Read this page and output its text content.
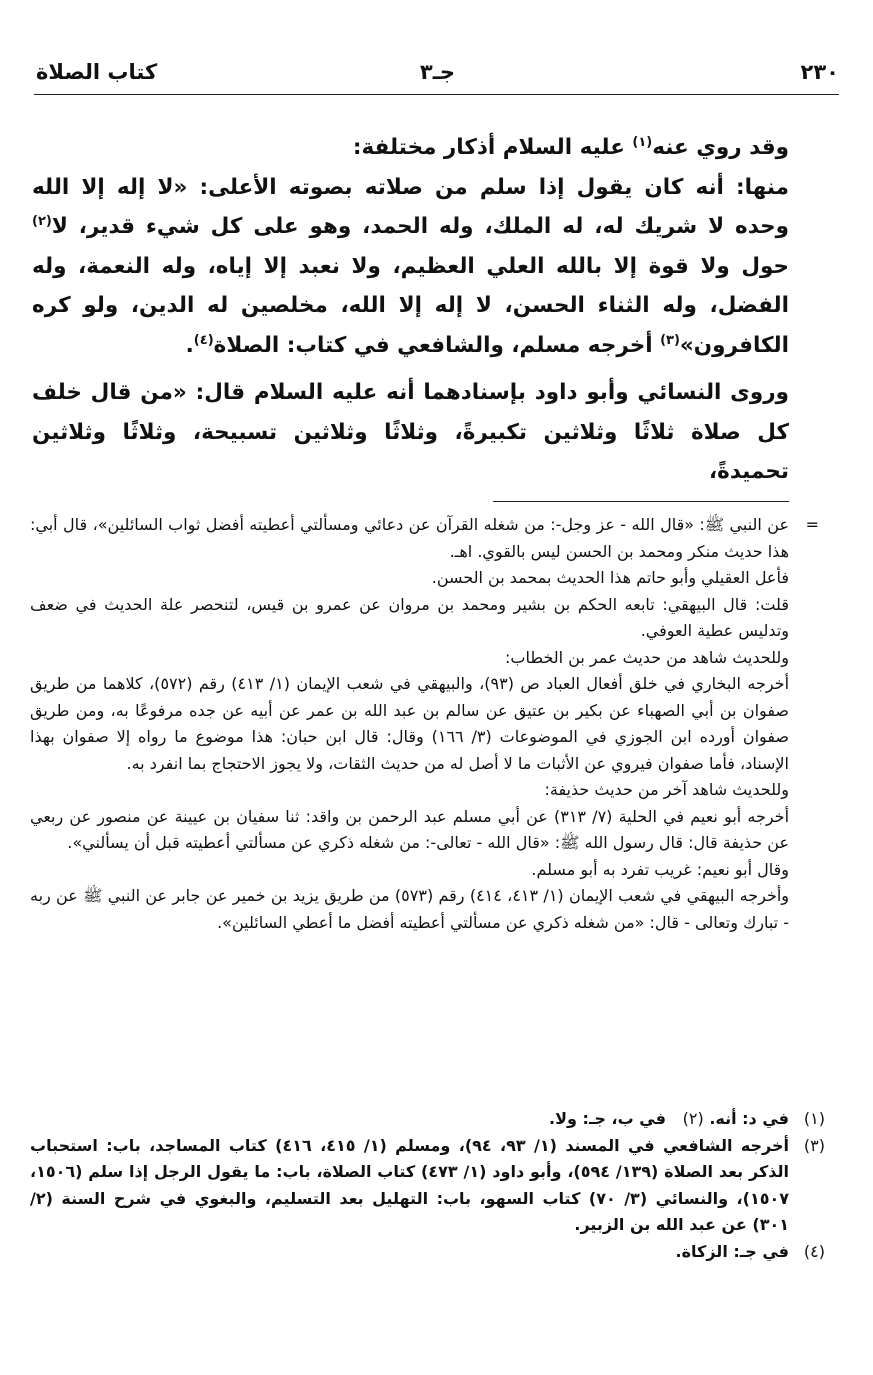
٢٣٠
جـ٣
كتاب الصلاة

وقد روي عنه$^{(١)}$ عليه السلام أذكار مختلفة:

منها: أنه كان يقول إذا سلم من صلاته بصوته الأعلى: «لا إله إلا الله وحده لا شريك له، له الملك، وله الحمد، وهو على كل شيء قدير، لا$^{(٢)}$ حول ولا قوة إلا بالله العلي العظيم، ولا نعبد إلا إياه، وله النعمة، وله الفضل، وله الثناء الحسن، لا إله إلا الله، مخلصين له الدين، ولو كره الكافرون»$^{(٣)}$ أخرجه مسلم، والشافعي في كتاب: الصلاة$^{(٤)}$.

وروى النسائي وأبو داود بإسنادهما أنه عليه السلام قال: «من قال خلف كل صلاة ثلاثًا وثلاثين تكبيرةً، وثلاثًا وثلاثين تسبيحة، وثلاثًا وثلاثين تحميدةً،

=

عن النبي ﷺ: «قال الله - عز وجل-: من شغله القرآن عن دعائي ومسألتي أعطيته أفضل ثواب السائلين»، قال أبي: هذا حديث منكر ومحمد بن الحسن ليس بالقوي. اهـ.

فأعل العقيلي وأبو حاتم هذا الحديث بمحمد بن الحسن.

قلت: قال البيهقي: تابعه الحكم بن بشير ومحمد بن مروان عن عمرو بن قيس، لتنحصر علة الحديث في ضعف وتدليس عطية العوفي.

وللحديث شاهد من حديث عمر بن الخطاب:

أخرجه البخاري في خلق أفعال العباد ص (٩٣)، والبيهقي في شعب الإيمان (١/ ٤١٣) رقم (٥٧٢)، كلاهما من طريق صفوان بن أبي الصهباء عن بكير بن عتيق عن سالم بن عبد الله بن عمر عن أبيه عن جده مرفوعًا به، ومن طريق صفوان أورده ابن الجوزي في الموضوعات (٣/ ١٦٦) وقال: قال ابن حبان: هذا موضوع ما رواه إلا صفوان بهذا الإسناد، فأما صفوان فيروي عن الأثبات ما لا أصل له من حديث الثقات، ولا يجوز الاحتجاج بما انفرد به.

وللحديث شاهد آخر من حديث حذيفة:

أخرجه أبو نعيم في الحلية (٧/ ٣١٣) عن أبي مسلم عبد الرحمن بن واقد: ثنا سفيان بن عيينة عن منصور عن ربعي عن حذيفة قال: قال رسول الله ﷺ: «قال الله - تعالى-: من شغله ذكري عن مسألتي أعطيته قبل أن يسألني».

وقال أبو نعيم: غريب تفرد به أبو مسلم.

وأخرجه البيهقي في شعب الإيمان (١/ ٤١٣، ٤١٤) رقم (٥٧٣) من طريق يزيد بن خمير عن جابر عن النبي ﷺ عن ربه - تبارك وتعالى - قال: «من شغله ذكري عن مسألتي أعطيته أفضل ما أعطي السائلين».

(١)
في د: أنه. (٢)   في ب، جـ: ولا.
(٣)
أخرجه الشافعي في المسند (١/ ٩٣، ٩٤)، ومسلم (١/ ٤١٥، ٤١٦) كتاب المساجد، باب: استحباب الذكر بعد الصلاة (١٣٩/ ٥٩٤)، وأبو داود (١/ ٤٧٣) كتاب الصلاة، باب: ما يقول الرجل إذا سلم (١٥٠٦، ١٥٠٧)، والنسائي (٣/ ٧٠) كتاب السهو، باب: التهليل بعد التسليم، والبغوي في شرح السنة (٢/ ٣٠١) عن عبد الله بن الزبير.
(٤)
في جـ: الزكاة.
